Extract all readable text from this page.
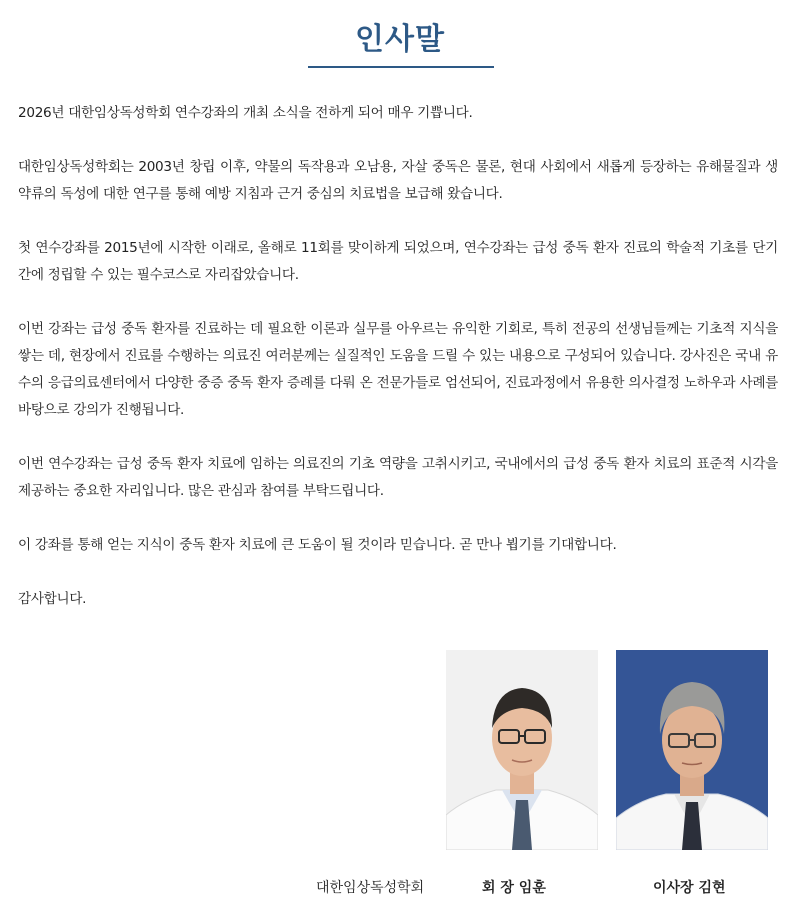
인사말

2026년 대한임상독성학회 연수강좌의 개최 소식을 전하게 되어 매우 기쁩니다.

대한임상독성학회는 2003년 창립 이후, 약물의 독작용과 오남용, 자살 중독은 물론, 현대 사회에서 새롭게 등장하는 유해물질과 생약류의 독성에 대한 연구를 통해 예방 지침과 근거 중심의 치료법을 보급해 왔습니다.

첫 연수강좌를 2015년에 시작한 이래로, 올해로 11회를 맞이하게 되었으며, 연수강좌는 급성 중독 환자 진료의 학술적 기초를 단기간에 정립할 수 있는 필수코스로 자리잡았습니다.

이번 강좌는 급성 중독 환자를 진료하는 데 필요한 이론과 실무를 아우르는 유익한 기회로, 특히 전공의 선생님들께는 기초적 지식을 쌓는 데, 현장에서 진료를 수행하는 의료진 여러분께는 실질적인 도움을 드릴 수 있는 내용으로 구성되어 있습니다. 강사진은 국내 유수의 응급의료센터에서 다양한 중증 중독 환자 증례를 다뤄 온 전문가들로 엄선되어, 진료과정에서 유용한 의사결정 노하우과 사례를 바탕으로 강의가 진행됩니다.

이번 연수강좌는 급성 중독 환자 치료에 임하는 의료진의 기초 역량을 고취시키고, 국내에서의 급성 중독 환자 치료의 표준적 시각을 제공하는 중요한 자리입니다. 많은 관심과 참여를 부탁드립니다.

이 강좌를 통해 얻는 지식이 중독 환자 치료에 큰 도움이 될 것이라 믿습니다. 곧 만나 뵙기를 기대합니다.

감사합니다.

대한임상독성학회	회 장 임훈	이사장 김현
